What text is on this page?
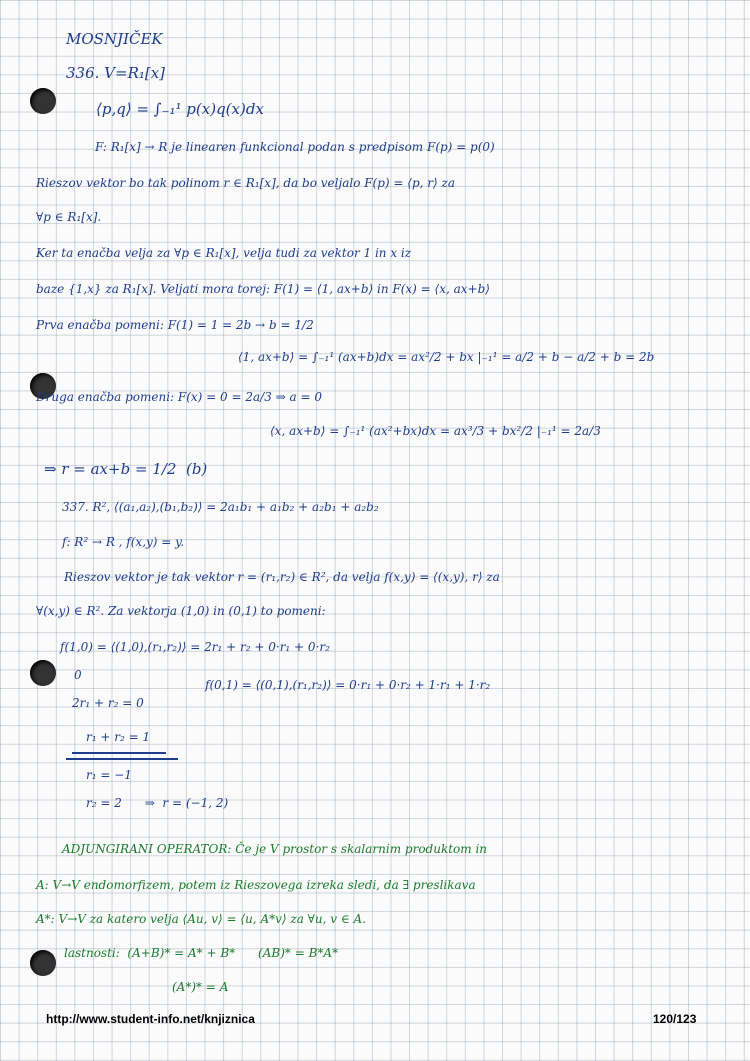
MOSNJIČEK
336. V=R₁[x]
⟨p,q⟩ = ∫₋₁¹ p(x)q(x)dx
F: R₁[x] → R je linearen funkcional podan s predpisom F(p) = p(0)
Rieszov vektor bo tak polinom r ∈ R₁[x], da bo veljalo F(p) = ⟨p, r⟩ za
∀p ∈ R₁[x].
Ker ta enačba velja za ∀p ∈ R₁[x], velja tudi za vektor 1 in x iz
baze {1,x} za R₁[x]. Veljati mora torej: F(1) = ⟨1, ax+b⟩ in F(x) = ⟨x, ax+b⟩
Prva enačba pomeni: F(1) = 1 = 2b → b = 1/2
⟨1, ax+b⟩ = ∫₋₁¹ (ax+b)dx = ax²/2 + bx |₋₁¹ = a/2 + b − a/2 + b = 2b
Druga enačba pomeni: F(x) = 0 = 2a/3 ⇒ a = 0
⟨x, ax+b⟩ = ∫₋₁¹ (ax²+bx)dx = ax³/3 + bx²/2 |₋₁¹ = 2a/3
⇒ r = ax+b = 1/2  (b)
337. R², ⟨(a₁,a₂),(b₁,b₂)⟩ = 2a₁b₁ + a₁b₂ + a₂b₁ + a₂b₂
f: R² → R , f(x,y) = y.
Rieszov vektor je tak vektor r = (r₁,r₂) ∈ R², da velja f(x,y) = ⟨(x,y), r⟩ za
∀(x,y) ∈ R². Za vektorja (1,0) in (0,1) to pomeni:
f(1,0) = ⟨(1,0),(r₁,r₂)⟩ = 2r₁ + r₂ + 0·r₁ + 0·r₂
0
f(0,1) = ⟨(0,1),(r₁,r₂)⟩ = 0·r₁ + 0·r₂ + 1·r₁ + 1·r₂
2r₁ + r₂ = 0
r₁ + r₂ = 1
r₁ = −1
r₂ = 2      ⇒  r = (−1, 2)
ADJUNGIRANI OPERATOR: Če je V prostor s skalarnim produktom in
A: V→V endomorfizem, potem iz Rieszovega izreka sledi, da ∃ preslikava
A*: V→V za katero velja ⟨Au, v⟩ = ⟨u, A*v⟩ za ∀u, v ∈ A.
lastnosti:  (A+B)* = A* + B*      (AB)* = B*A*
(A*)* = A
http://www.student-info.net/knjiznica	120/123
